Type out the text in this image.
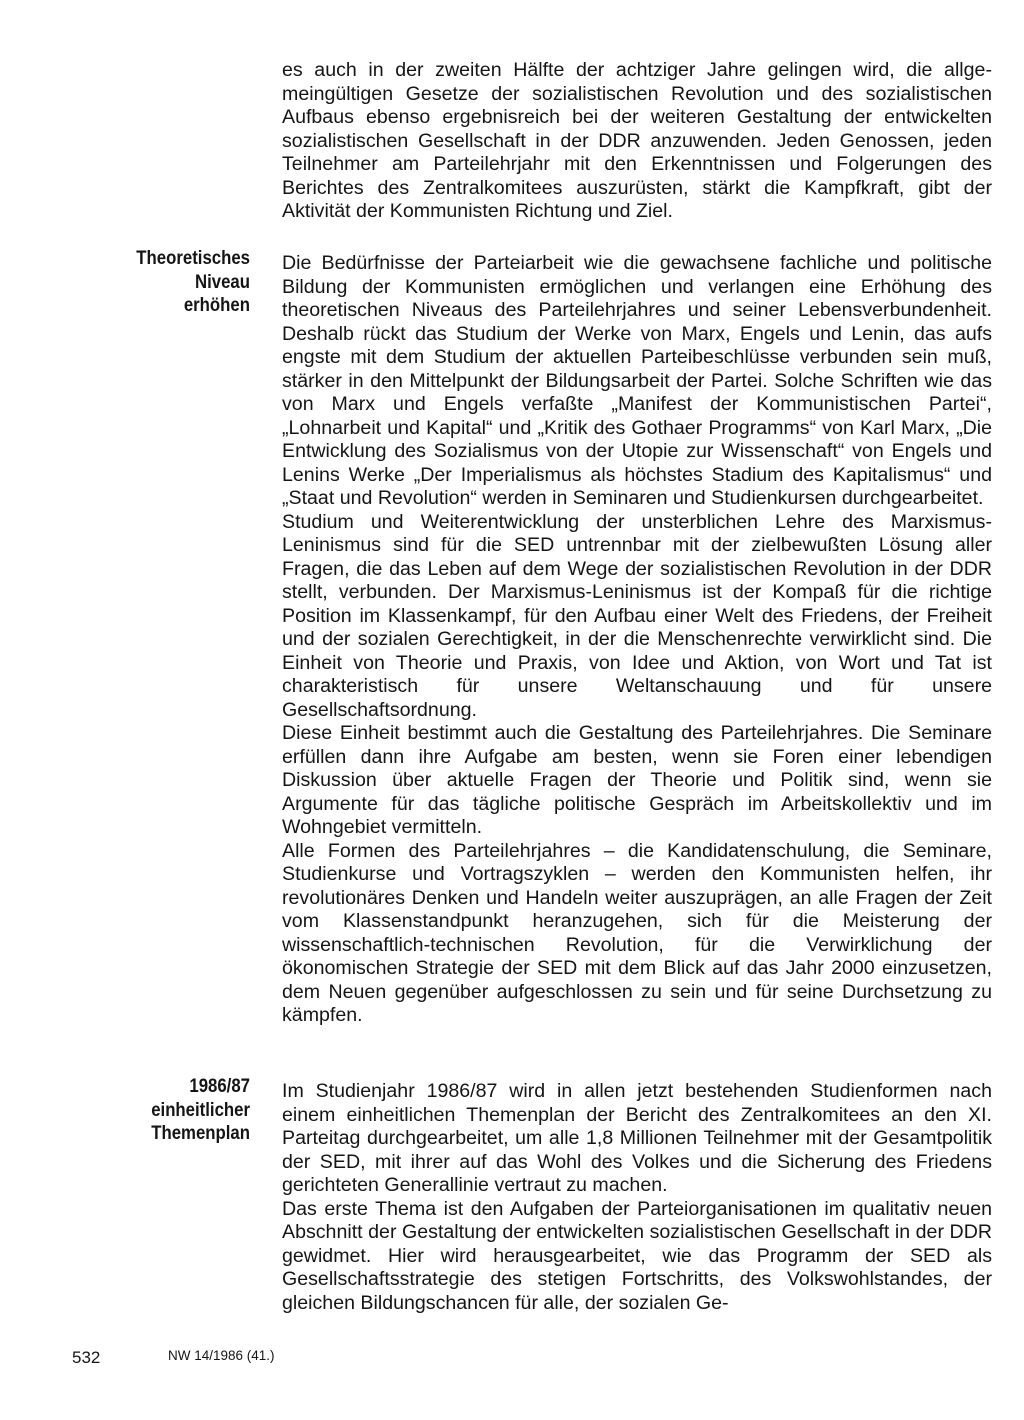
es auch in der zweiten Hälfte der achtziger Jahre gelingen wird, die allgemeingültigen Gesetze der sozialistischen Revolution und des sozialistischen Aufbaus ebenso ergebnisreich bei der weiteren Gestaltung der entwickelten sozialistischen Gesellschaft in der DDR anzuwenden. Jeden Genossen, jeden Teilnehmer am Parteilehrjahr mit den Erkenntnissen und Folgerungen des Berichtes des Zentralkomitees auszurüsten, stärkt die Kampfkraft, gibt der Aktivität der Kommunisten Richtung und Ziel.

Theoretisches
Niveau
erhöhen

Die Bedürfnisse der Parteiarbeit wie die gewachsene fachliche und politische Bildung der Kommunisten ermöglichen und verlangen eine Erhöhung des theoretischen Niveaus des Parteilehrjahres und seiner Lebensverbundenheit. Deshalb rückt das Studium der Werke von Marx, Engels und Lenin, das aufs engste mit dem Studium der aktuellen Parteibeschlüsse verbunden sein muß, stärker in den Mittelpunkt der Bildungsarbeit der Partei. Solche Schriften wie das von Marx und Engels verfaßte „Manifest der Kommunistischen Partei“, „Lohnarbeit und Kapital“ und „Kritik des Gothaer Programms“ von Karl Marx, „Die Entwicklung des Sozialismus von der Utopie zur Wissenschaft“ von Engels und Lenins Werke „Der Imperialismus als höchstes Stadium des Kapitalismus“ und „Staat und Revolution“ werden in Seminaren und Studienkursen durchgearbeitet.

Studium und Weiterentwicklung der unsterblichen Lehre des Marxismus-Leninismus sind für die SED untrennbar mit der zielbewußten Lösung aller Fragen, die das Leben auf dem Wege der sozialistischen Revolution in der DDR stellt, verbunden. Der Marxismus-Leninismus ist der Kompaß für die richtige Position im Klassenkampf, für den Aufbau einer Welt des Friedens, der Freiheit und der sozialen Gerechtigkeit, in der die Menschenrechte verwirklicht sind. Die Einheit von Theorie und Praxis, von Idee und Aktion, von Wort und Tat ist charakteristisch für unsere Weltanschauung und für unsere Gesellschaftsordnung.

Diese Einheit bestimmt auch die Gestaltung des Parteilehrjahres. Die Seminare erfüllen dann ihre Aufgabe am besten, wenn sie Foren einer lebendigen Diskussion über aktuelle Fragen der Theorie und Politik sind, wenn sie Argumente für das tägliche politische Gespräch im Arbeitskollektiv und im Wohngebiet vermitteln.

Alle Formen des Parteilehrjahres – die Kandidatenschulung, die Seminare, Studienkurse und Vortragszyklen – werden den Kommunisten helfen, ihr revolutionäres Denken und Handeln weiter auszuprägen, an alle Fragen der Zeit vom Klassenstandpunkt heranzugehen, sich für die Meisterung der wissenschaftlich-technischen Revolution, für die Verwirklichung der ökonomischen Strategie der SED mit dem Blick auf das Jahr 2000 einzusetzen, dem Neuen gegenüber aufgeschlossen zu sein und für seine Durchsetzung zu kämpfen.

1986/87
einheitlicher
Themenplan

Im Studienjahr 1986/87 wird in allen jetzt bestehenden Studienformen nach einem einheitlichen Themenplan der Bericht des Zentralkomitees an den XI. Parteitag durchgearbeitet, um alle 1,8 Millionen Teilnehmer mit der Gesamtpolitik der SED, mit ihrer auf das Wohl des Volkes und die Sicherung des Friedens gerichteten Generallinie vertraut zu machen.

Das erste Thema ist den Aufgaben der Parteiorganisationen im qualitativ neuen Abschnitt der Gestaltung der entwickelten sozialistischen Gesellschaft in der DDR gewidmet. Hier wird herausgearbeitet, wie das Programm der SED als Gesellschaftsstrategie des stetigen Fortschritts, des Volkswohlstandes, der gleichen Bildungschancen für alle, der sozialen Ge-

532	NW 14/1986 (41.)
